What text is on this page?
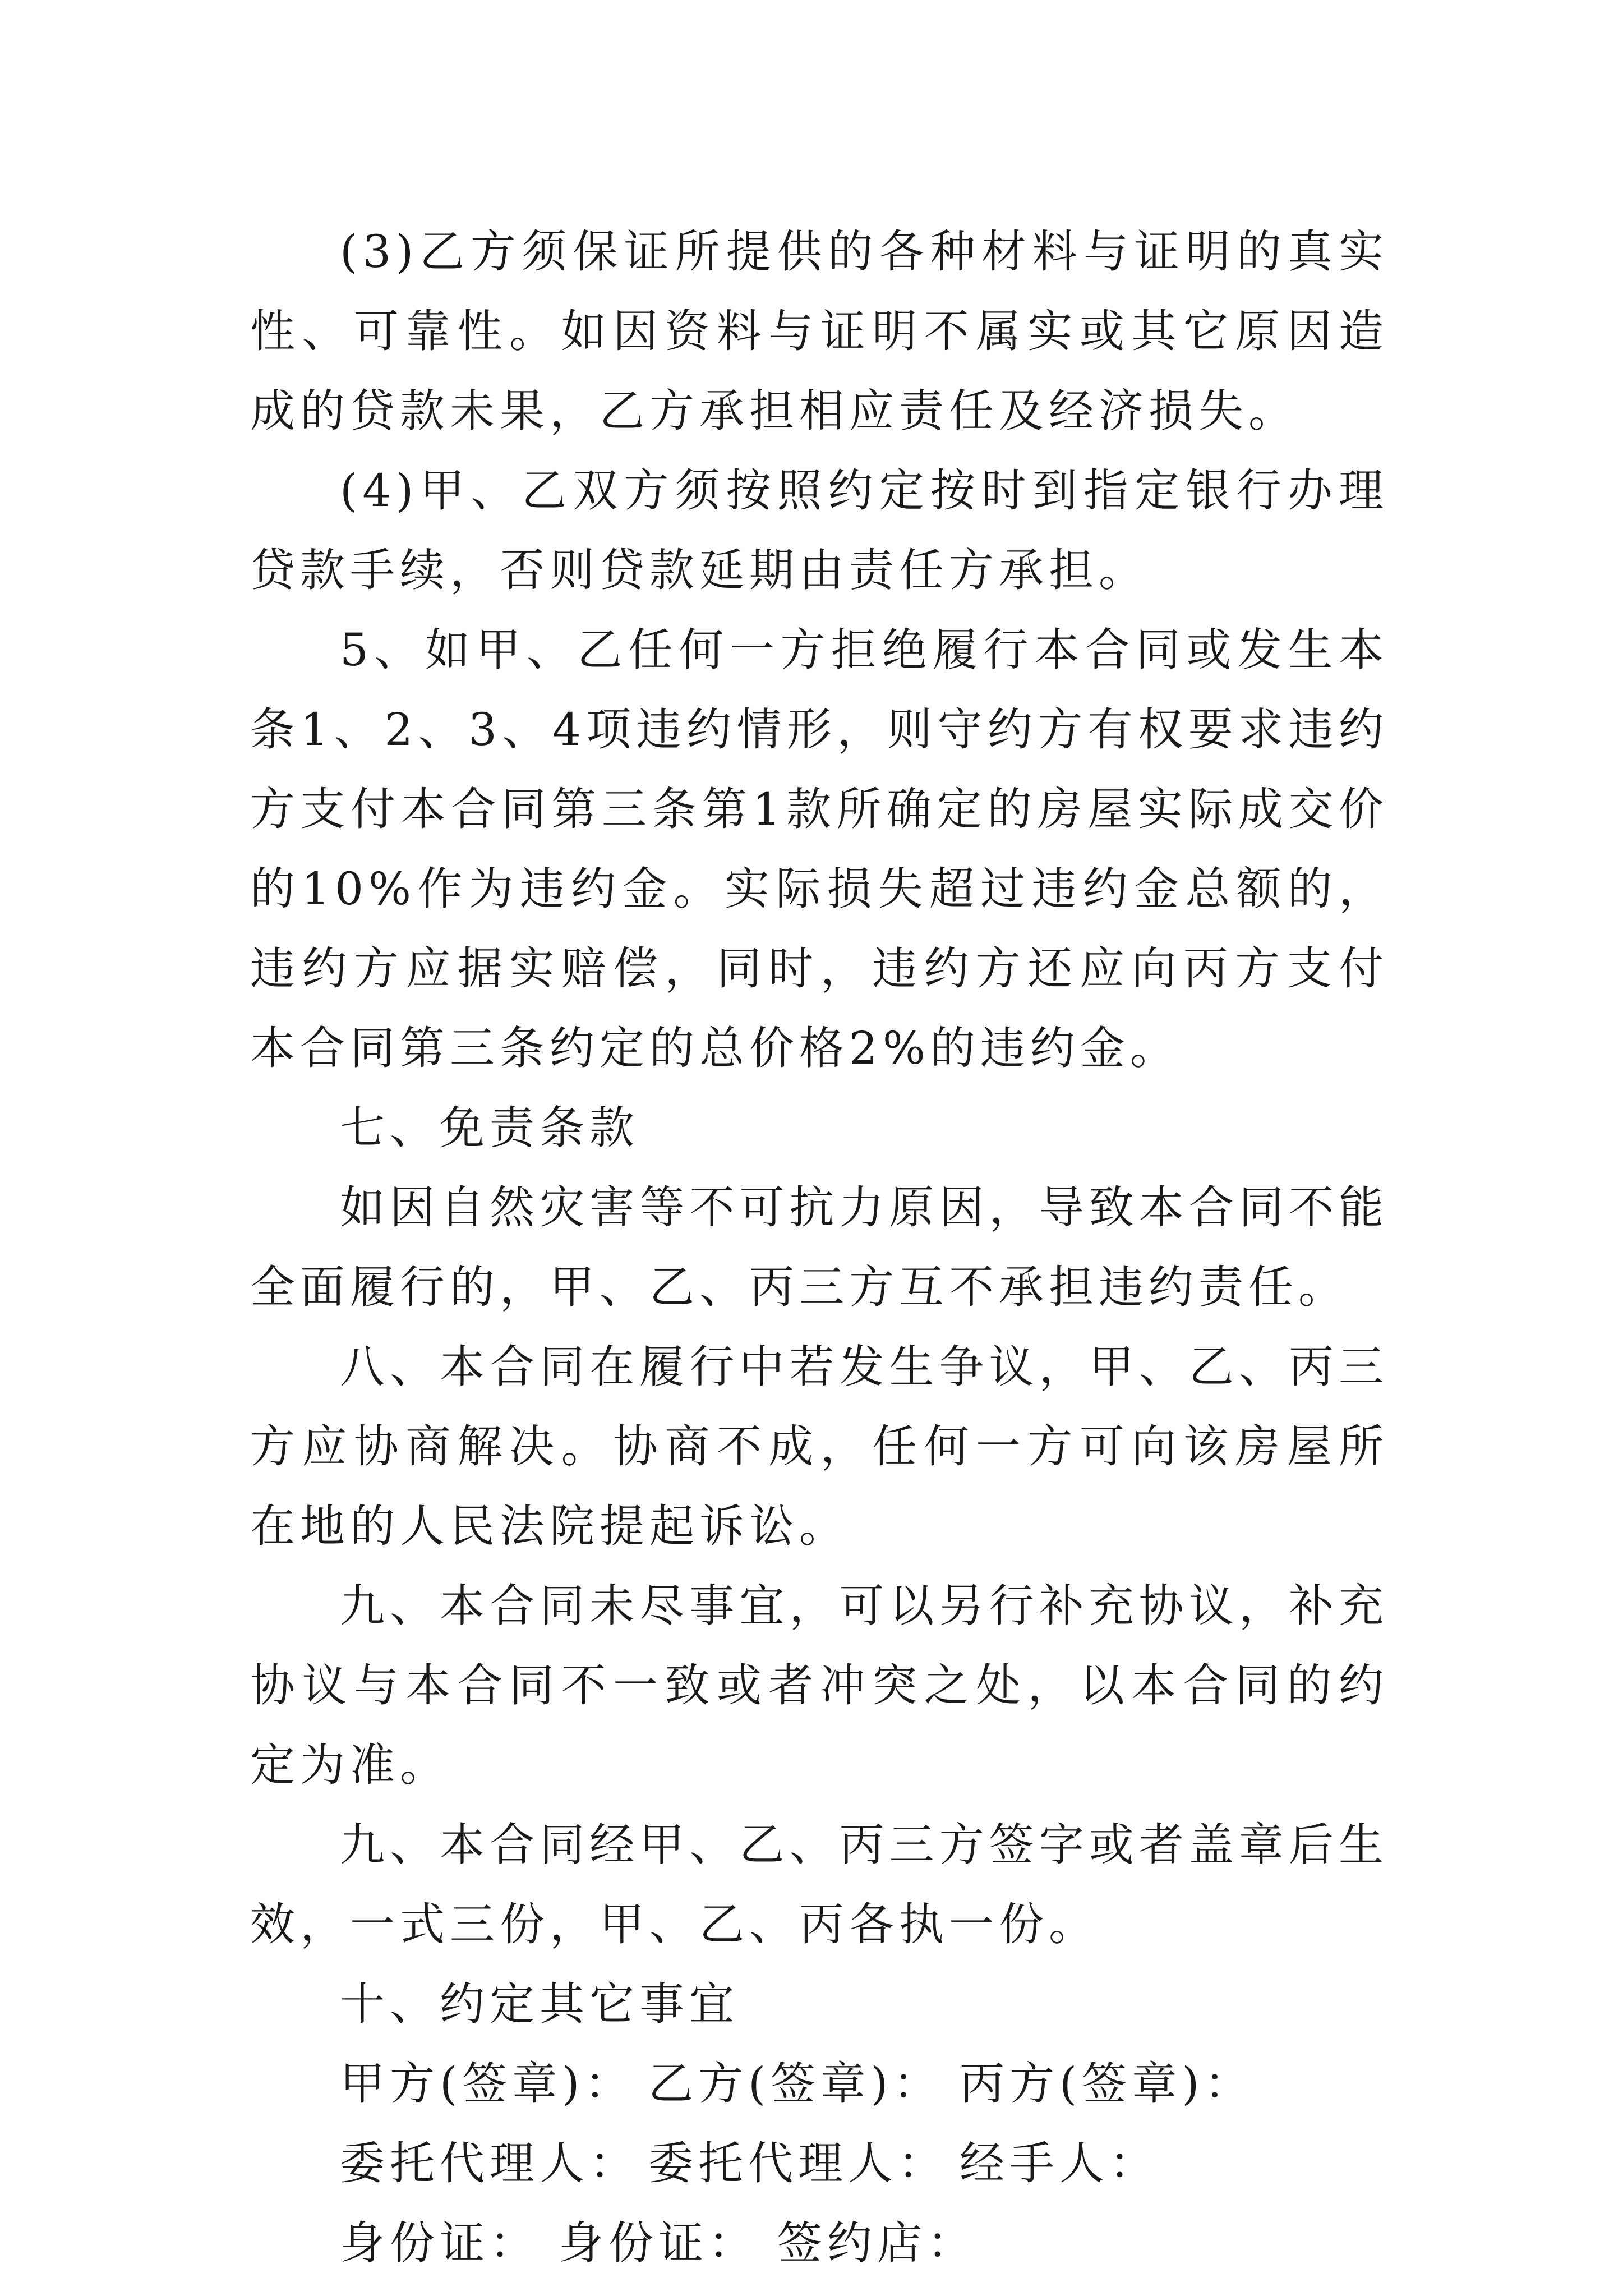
(3)乙方须保证所提供的各种材料与证明的真实性、可靠性。如因资料与证明不属实或其它原因造成的贷款未果，乙方承担相应责任及经济损失。

(4)甲、乙双方须按照约定按时到指定银行办理贷款手续，否则贷款延期由责任方承担。

5、如甲、乙任何一方拒绝履行本合同或发生本条1、2、3、4项违约情形，则守约方有权要求违约方支付本合同第三条第1款所确定的房屋实际成交价的10%作为违约金。实际损失超过违约金总额的，违约方应据实赔偿，同时，违约方还应向丙方支付本合同第三条约定的总价格2%的违约金。

七、免责条款

如因自然灾害等不可抗力原因，导致本合同不能全面履行的，甲、乙、丙三方互不承担违约责任。

八、本合同在履行中若发生争议，甲、乙、丙三方应协商解决。协商不成，任何一方可向该房屋所在地的人民法院提起诉讼。

九、本合同未尽事宜，可以另行补充协议，补充协议与本合同不一致或者冲突之处，以本合同的约定为准。

九、本合同经甲、乙、丙三方签字或者盖章后生效，一式三份，甲、乙、丙各执一份。

十、约定其它事宜

甲方(签章)： 乙方(签章)： 丙方(签章)：
委托代理人： 委托代理人： 经手人：
身份证： 身份证： 签约店：
